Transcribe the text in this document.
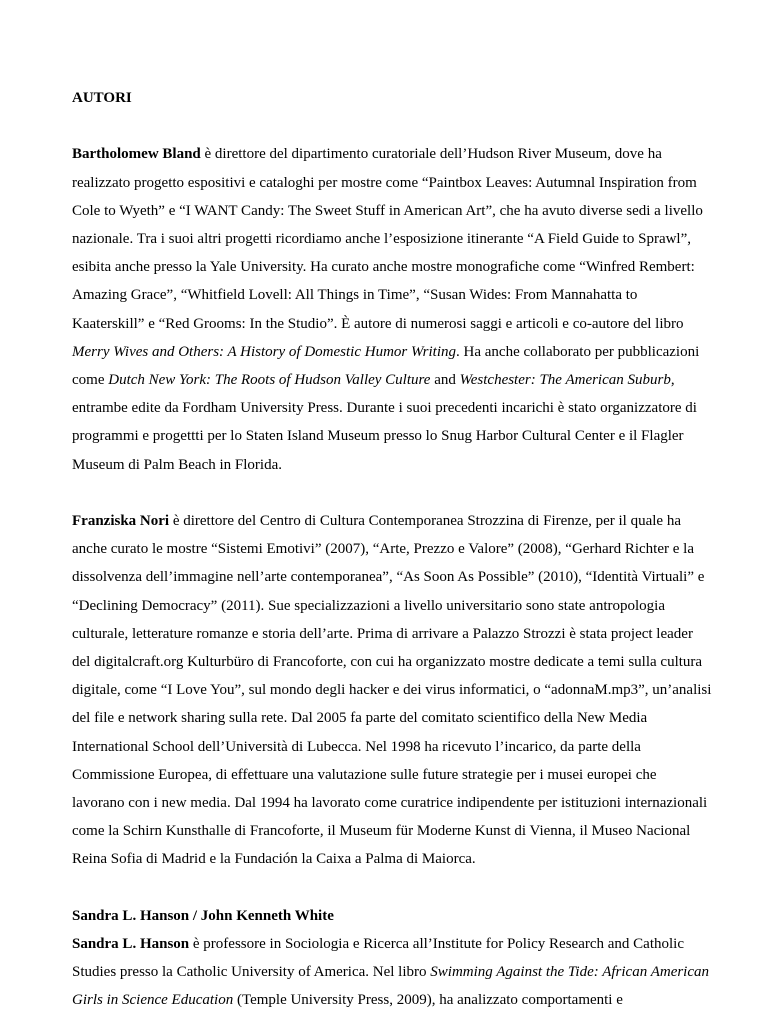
AUTORI

Bartholomew Bland è direttore del dipartimento curatoriale dell’Hudson River Museum, dove ha realizzato progetto espositivi e cataloghi per mostre come “Paintbox Leaves: Autumnal Inspiration from Cole to Wyeth” e “I WANT Candy: The Sweet Stuff in American Art”, che ha avuto diverse sedi a livello nazionale. Tra i suoi altri progetti ricordiamo anche l’esposizione itinerante “A Field Guide to Sprawl”, esibita anche presso la Yale University. Ha curato anche mostre monografiche come “Winfred Rembert: Amazing Grace”, “Whitfield Lovell: All Things in Time”, “Susan Wides: From Mannahatta to Kaaterskill” e “Red Grooms: In the Studio”. È autore di numerosi saggi e articoli e co-autore del libro Merry Wives and Others: A History of Domestic Humor Writing. Ha anche collaborato per pubblicazioni come Dutch New York: The Roots of Hudson Valley Culture and Westchester: The American Suburb, entrambe edite da Fordham University Press. Durante i suoi precedenti incarichi è stato organizzatore di programmi e progettti per lo Staten Island Museum presso lo Snug Harbor Cultural Center e il Flagler Museum di Palm Beach in Florida.

Franziska Nori è direttore del Centro di Cultura Contemporanea Strozzina di Firenze, per il quale ha anche curato le mostre “Sistemi Emotivi” (2007), “Arte, Prezzo e Valore” (2008), “Gerhard Richter e la dissolvenza dell’immagine nell’arte contemporanea”, “As Soon As Possible” (2010), “Identità Virtuali” e “Declining Democracy” (2011). Sue specializzazioni a livello universitario sono state antropologia culturale, letterature romanze e storia dell’arte. Prima di arrivare a Palazzo Strozzi è stata project leader del digitalcraft.org Kulturbüro di Francoforte, con cui ha organizzato mostre dedicate a temi sulla cultura digitale, come “I Love You”, sul mondo degli hacker e dei virus informatici, o “adonnaM.mp3”, un’analisi del file e network sharing sulla rete. Dal 2005 fa parte del comitato scientifico della New Media International School dell’Università di Lubecca. Nel 1998 ha ricevuto l’incarico, da parte della Commissione Europea, di effettuare una valutazione sulle future strategie per i musei europei che lavorano con i new media. Dal 1994 ha lavorato come curatrice indipendente per istituzioni internazionali come la Schirn Kunsthalle di Francoforte, il Museum für Moderne Kunst di Vienna, il Museo Nacional Reina Sofia di Madrid e la Fundación la Caixa a Palma di Maiorca.

Sandra L. Hanson / John Kenneth White

Sandra L. Hanson è professore in Sociologia e Ricerca all’Institute for Policy Research and Catholic Studies presso la Catholic University of America. Nel libro Swimming Against the Tide: African American Girls in Science Education (Temple University Press, 2009), ha analizzato comportamenti e
